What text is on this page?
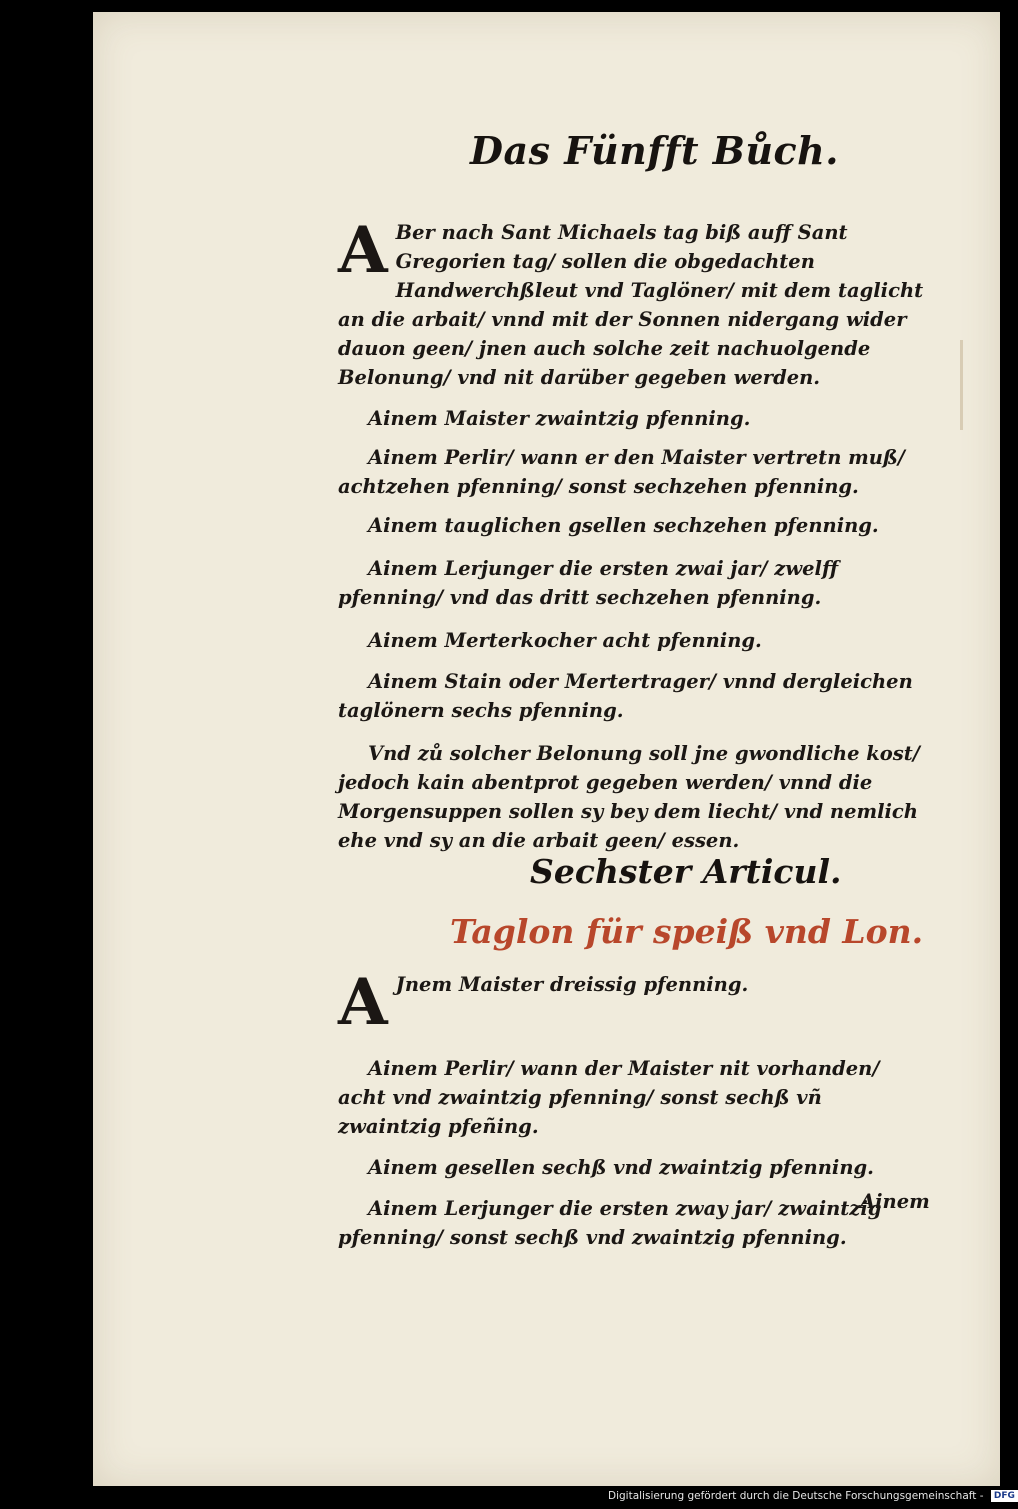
Das Fünfft Bůch.

A Ber nach Sant Michaels tag biß auff Sant Gregorien tag/ sollen die obgedachten Handwerchßleut vnd Taglöner/ mit dem taglicht an die arbait/ vnnd mit der Sonnen nidergang wider dauon geen/ jnen auch solche zeit nachuolgende Belonung/ vnd nit darüber gegeben werden.

Ainem Maister zwaintzig pfenning.

Ainem Perlir/ wann er den Maister vertretn muß/ achtzehen pfenning/ sonst sechzehen pfenning.

Ainem tauglichen gsellen sechzehen pfenning.

Ainem Lerjunger die ersten zwai jar/ zwelff pfenning/ vnd das dritt sechzehen pfenning.

Ainem Merterkocher acht pfenning.

Ainem Stain oder Mertertrager/ vnnd dergleichen taglönern sechs pfenning.

Vnd zů solcher Belonung soll jne gwondliche kost/ jedoch kain abentprot gegeben werden/ vnnd die Morgensuppen sollen sy bey dem liecht/ vnd nemlich ehe vnd sy an die arbait geen/ essen.

Sechster Articul.
Taglon für speiß vnd Lon.

A Jnem Maister dreissig pfenning.

Ainem Perlir/ wann der Maister nit vorhanden/ acht vnd zwaintzig pfenning/ sonst sechß vñ zwaintzig pfeñing.

Ainem gesellen sechß vnd zwaintzig pfenning.

Ainem Lerjunger die ersten zway jar/ zwaintzig pfenning/ sonst sechß vnd zwaintzig pfenning.

Ainem
Digitalisierung gefördert durch die Deutsche Forschungsgemeinschaft - DFG
